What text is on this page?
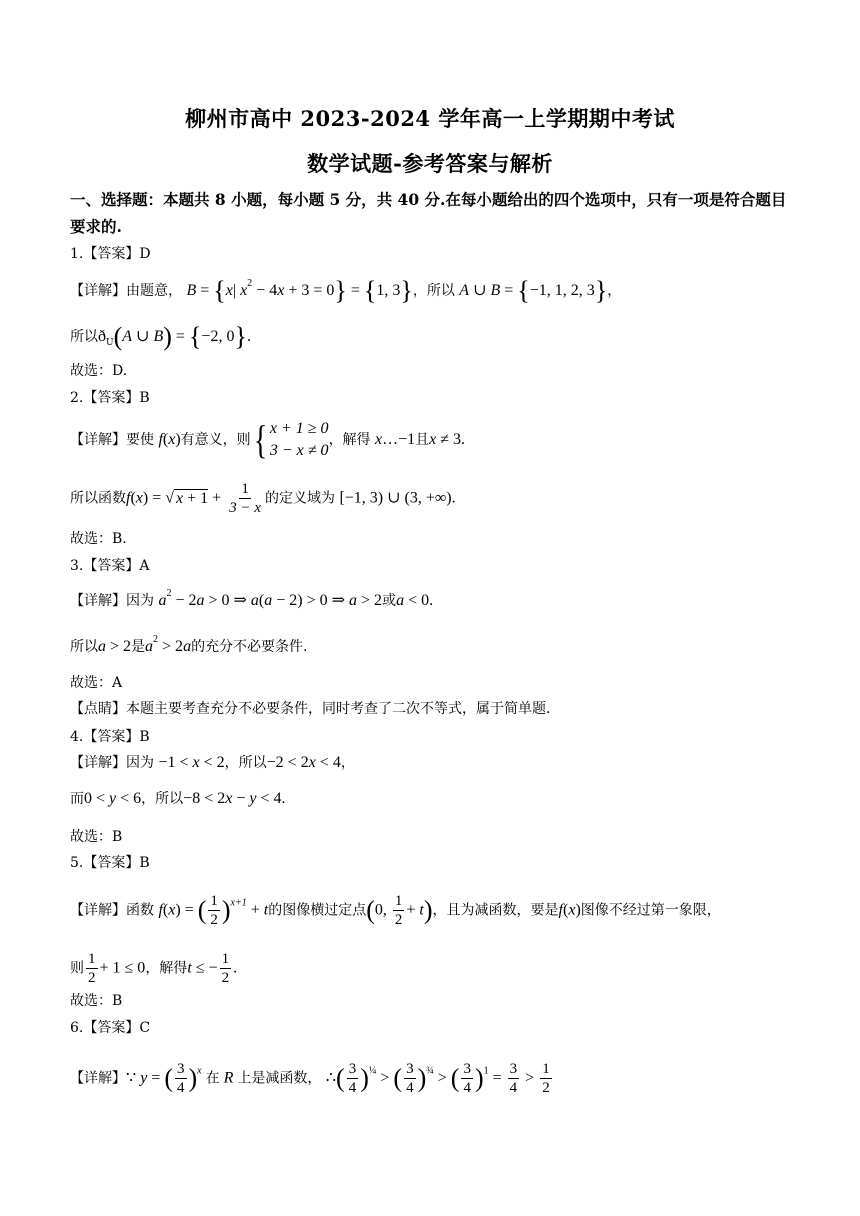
柳州市高中 2023-2024 学年高一上学期期中考试
数学试题-参考答案与解析
一、选择题：本题共 8 小题，每小题 5 分，共 40 分.在每小题给出的四个选项中，只有一项是符合题目要求的.
1.【答案】D
【详解】由题意， B = {x| $x^2 - 4x + 3 = 0\} = \{1$, 3}，所以 A ∪ B = {−1, 1, 2, 3}，
所以$ð_U(A$ ∪ B) = {−2, 0}.
故选：D.
2.【答案】B
【详解】要使 f(x)有意义，则{ x + 1 ≥ 0
3 − x ≠ 0
，解得 x…−1且x ≠ 3.
所以函数f(x) = √ $x + 1 + \frac{1}{3 - x}$ 的定义域为 [−1, 3) ∪ (3, +∞).
故选：B.
3.【答案】A
【详解】因为 $a^2 - 2a > 0$ ⇒ a(a − 2) > 0 ⇒ a > 2或a < 0.
所以a > 2是$a^2 > 2a$的充分不必要条件.
故选：A
【点睛】本题主要考查充分不必要条件，同时考查了二次不等式，属于简单题.
4.【答案】B
【详解】因为 −1 < x < 2，所以−2 < 2x < 4，
而0 < y < 6，所以−8 < 2x − y < 4.
故选：B
5.【答案】B
【详解】函数 f(x) = ( $\frac{1}{2} )^{x+1} + t$的图像横过定点(0, $\frac{1}{2} + t$)，且为减函数，要是f(x)图像不经过第一象限，
则 $\frac{1}{2} + 1 \le 0$，解得t ≤ − $\frac{1}{2}$ .
故选：B
6.【答案】C
【详解】∵ y = ( $\frac{3}{4} )^x$ 在 R 上是减函数， ∴( $\frac{3}{4} )^{\frac{1}{4}}$ > ( $\frac{3}{4} )^{\frac{3}{4}}$ > ( $\frac{3}{4} )^1 = \frac{3}{4} > \frac{1}{2}$
